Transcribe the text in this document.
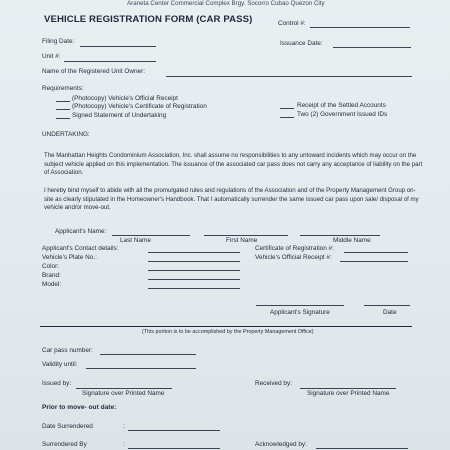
Araneta Center Commercial Complex Brgy. Socorro Cubao Quezon City
VEHICLE REGISTRATION FORM (CAR PASS)	Control #:
Filing Date:	Issuance Date:
Unit #:
Name of the Registered Unit Owner:
Requirements:
(Photocopy) Vehicle's Official Receipt
(Photocopy) Vehicle's Certificate of Registration
Signed Statement of Undertaking
Receipt of the Settled Accounts
Two (2) Government Issued IDs
UNDERTAKING:
The Manhattan Heights Condominium Association, Inc. shall assume no responsibilities to any untoward incidents which may occur on the subject vehicle applied on this implementation. The issuance of the associated car pass does not carry any acceptance of liability on the part of Association.
I hereby bind myself to abide with all the promulgated rules and regulations of the Association and of the Property Management Group on-site as clearly stipulated in the Homeowner's Handbook. That I automatically surrender the same issued car pass upon sale/ disposal of my vehicle and/or move-out.
Applicant's Name:
Last Name	First Name	Middle Name
Applicant's Contact details:
Vehicle's Plate No.:
Color:
Brand:
Model:
Certificate of Registration #:
Vehicle's Official Receipt #:
Applicant's Signature	Date
(This portion is to be accomplished by the Property Management Office)
Car pass number:
Validity until:
Issued by:
Signature over Printed Name
Received by:
Signature over Printed Name
Prior to move- out date:
Date Surrendered	:
Surrendered By	:	Acknowledged by:
